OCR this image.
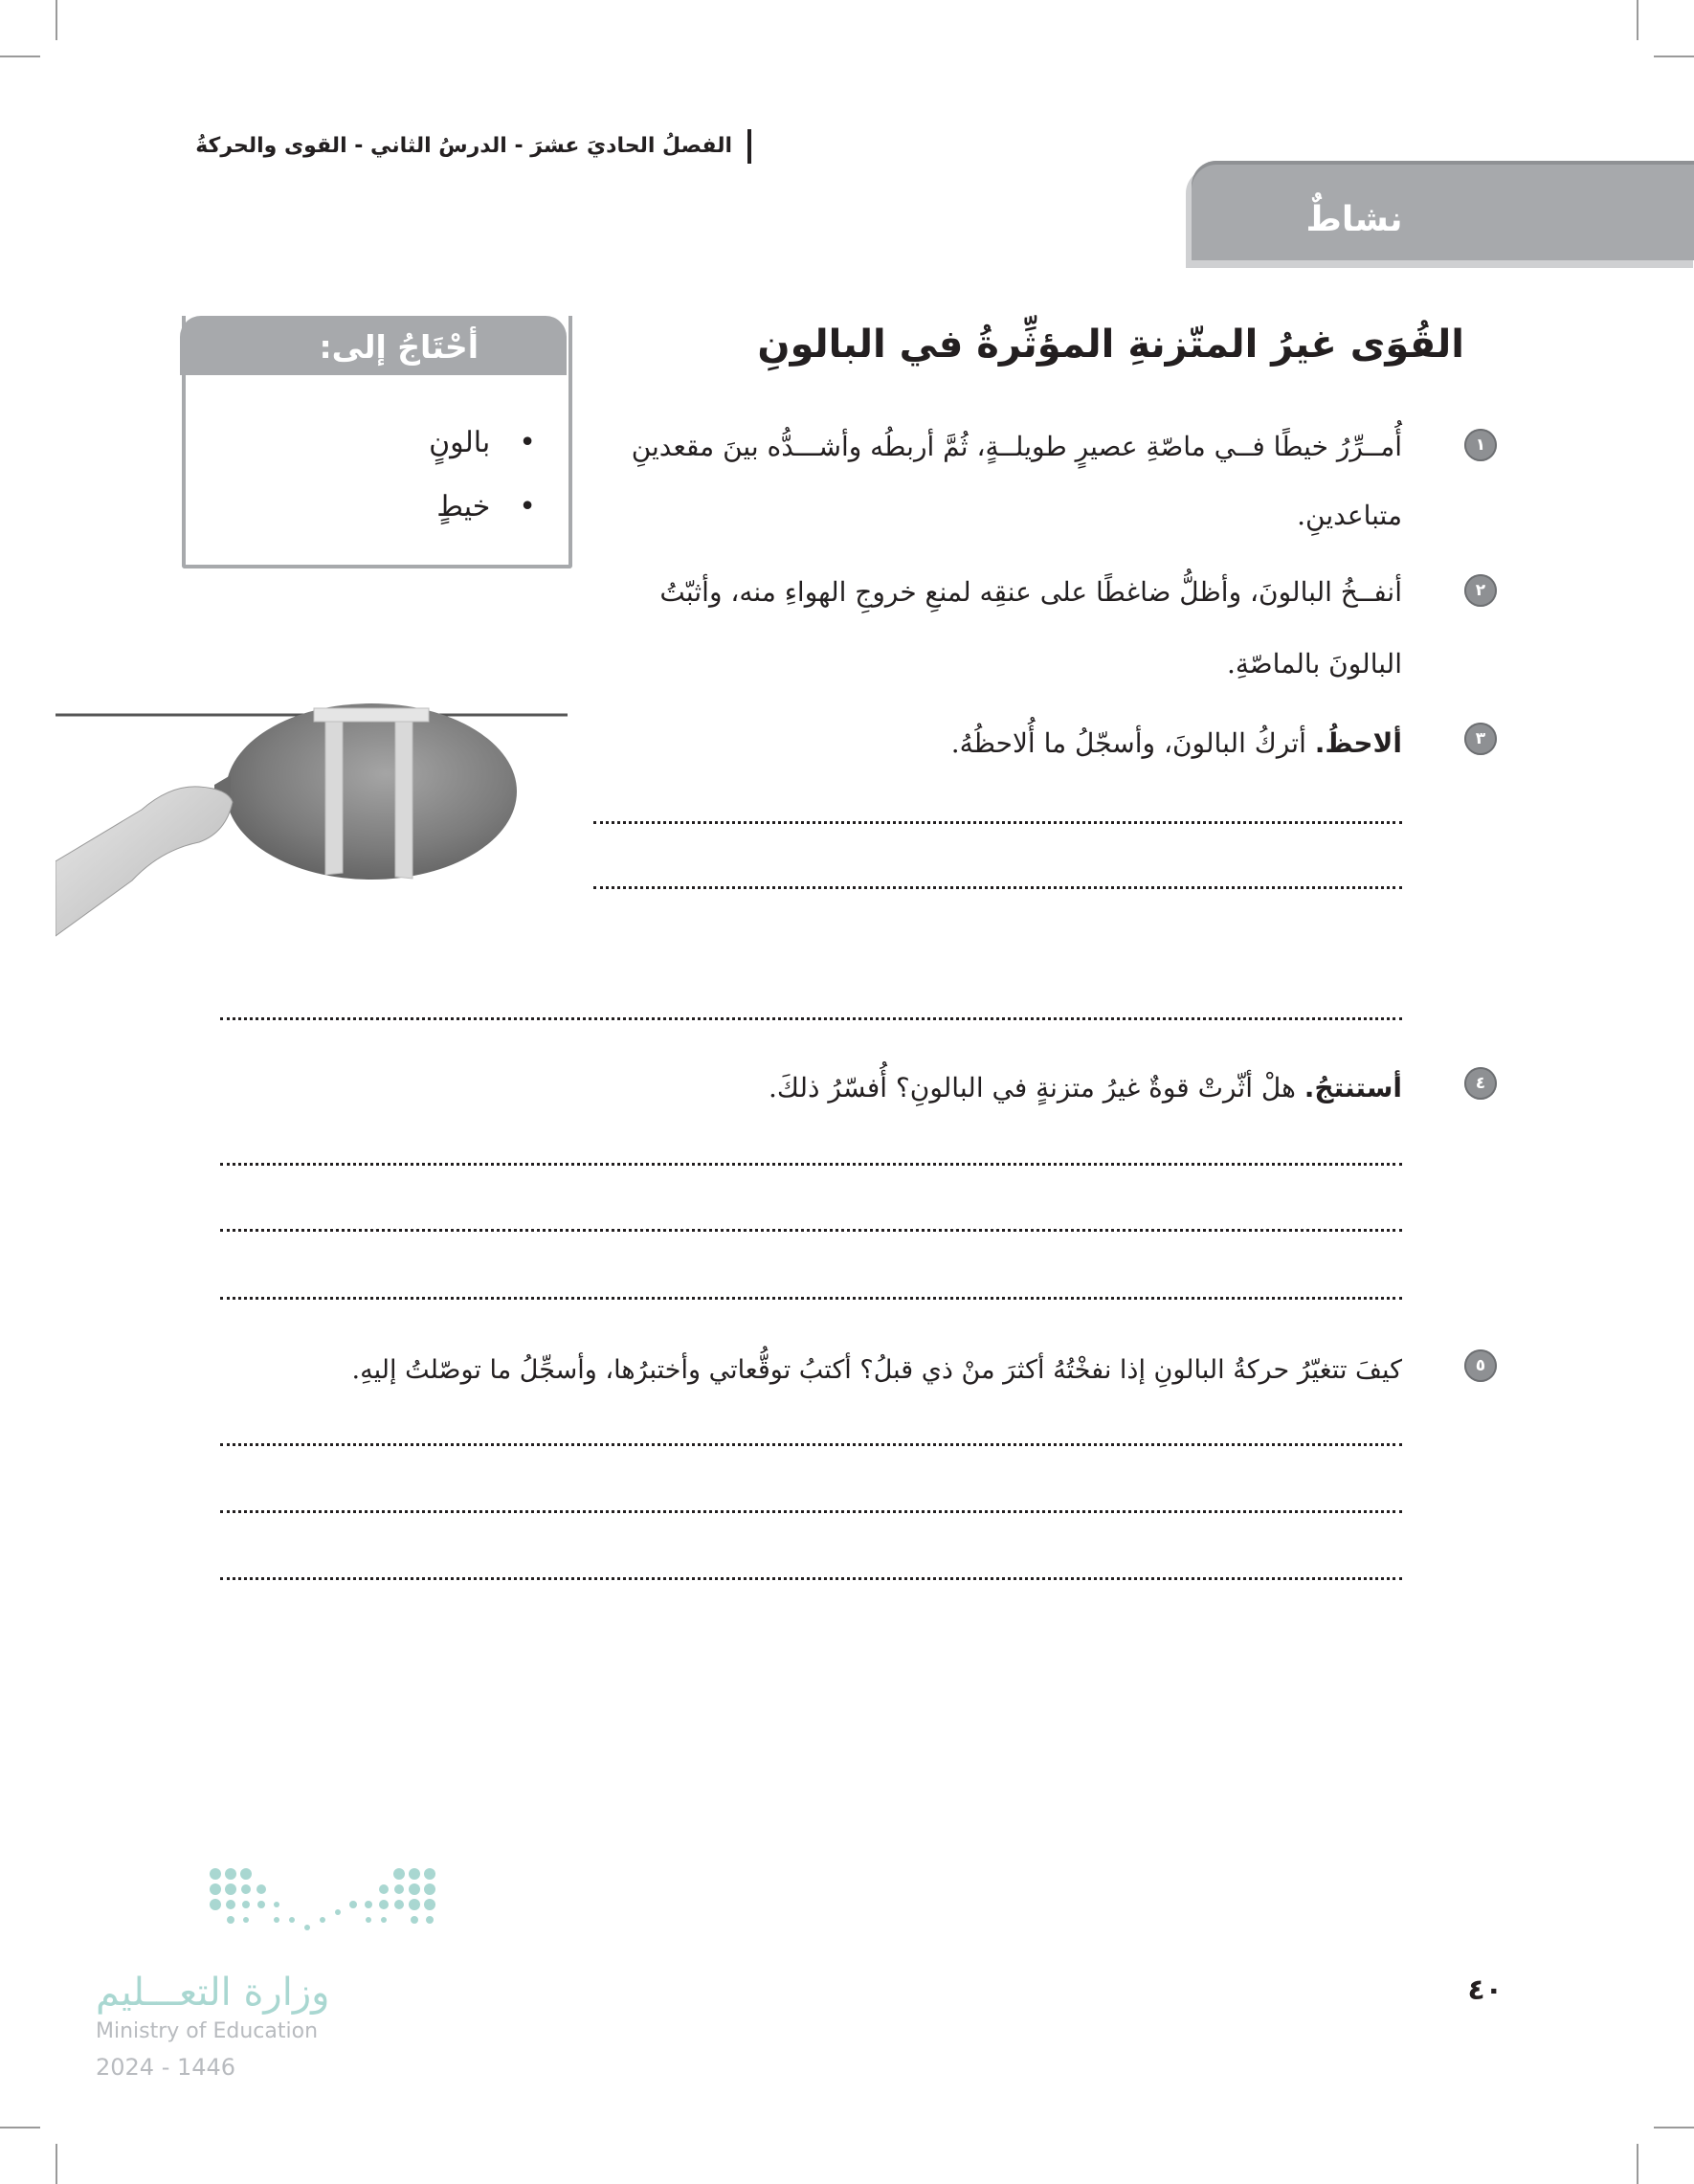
الفصلُ الحاديَ عشرَ - الدرسُ الثاني - القوى والحركةُ
نشاطٌ
أحْتَاجُ إلى:
•بالونٍ
•خيطٍ
القُوَى غيرُ المتّزنةِ المؤثِّرةُ في البالونِ
١
أُمــرِّرُ خيطًا فــي ماصّةِ عصيرٍ طويلــةٍ، ثُمَّ أربطُه وأشـــدُّه بينَ مقعدينِ
متباعدينِ.
٢
أنفــخُ البالونَ، وأظلُّ ضاغطًا على عنقِه لمنعِ خروجِ الهواءِ منه، وأثبّتُ
البالونَ بالماصّةِ.
٣
ألاحظُ. أتركُ البالونَ، وأسجّلُ ما أُلاحظُهُ.
٤
أستنتجُ. هلْ أثّرتْ قوةٌ غيرُ متزنةٍ في البالونِ؟ أُفسّرُ ذلكَ.
٥
كيفَ تتغيّرُ حركةُ البالونِ إذا نفخْتُهُ أكثرَ منْ ذي قبلُ؟ أكتبُ توقُّعاتي وأختبرُها، وأسجِّلُ ما توصّلتُ إليهِ.
٤٠
وزارة التعـــليم
Ministry of Education
2024 - 1446
